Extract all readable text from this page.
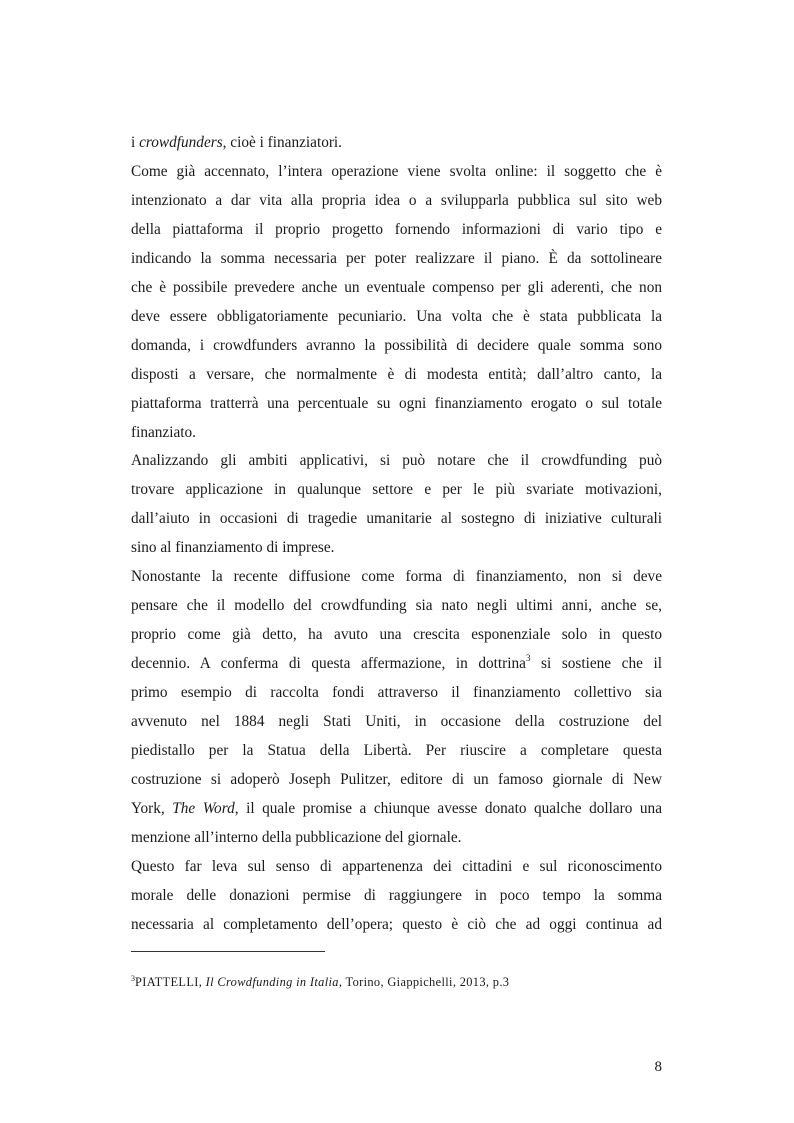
i crowdfunders, cioè i finanziatori.
Come già accennato, l’intera operazione viene svolta online: il soggetto che è
intenzionato a dar vita alla propria idea o a svilupparla pubblica sul sito web
della piattaforma il proprio progetto fornendo informazioni di vario tipo e
indicando la somma necessaria per poter realizzare il piano. È da sottolineare
che è possibile prevedere anche un eventuale compenso per gli aderenti, che non
deve essere obbligatoriamente pecuniario. Una volta che è stata pubblicata la
domanda, i crowdfunders avranno la possibilità di decidere quale somma sono
disposti a versare, che normalmente è di modesta entità; dall’altro canto, la
piattaforma tratterrà una percentuale su ogni finanziamento erogato o sul totale
finanziato.
Analizzando gli ambiti applicativi, si può notare che il crowdfunding può
trovare applicazione in qualunque settore e per le più svariate motivazioni,
dall’aiuto in occasioni di tragedie umanitarie al sostegno di iniziative culturali
sino al finanziamento di imprese.
Nonostante la recente diffusione come forma di finanziamento, non si deve
pensare che il modello del crowdfunding sia nato negli ultimi anni, anche se,
proprio come già detto, ha avuto una crescita esponenziale solo in questo
decennio. A conferma di questa affermazione, in dottrina$^3$ si sostiene che il
primo esempio di raccolta fondi attraverso il finanziamento collettivo sia
avvenuto nel 1884 negli Stati Uniti, in occasione della costruzione del
piedistallo per la Statua della Libertà. Per riuscire a completare questa
costruzione si adoperò Joseph Pulitzer, editore di un famoso giornale di New
York, The Word, il quale promise a chiunque avesse donato qualche dollaro una
menzione all’interno della pubblicazione del giornale.
Questo far leva sul senso di appartenenza dei cittadini e sul riconoscimento
morale delle donazioni permise di raggiungere in poco tempo la somma
necessaria al completamento dell’opera; questo è ciò che ad oggi continua ad
$^3$PIATTELLI, Il Crowdfunding in Italia, Torino, Giappichelli, 2013, p.3
8
